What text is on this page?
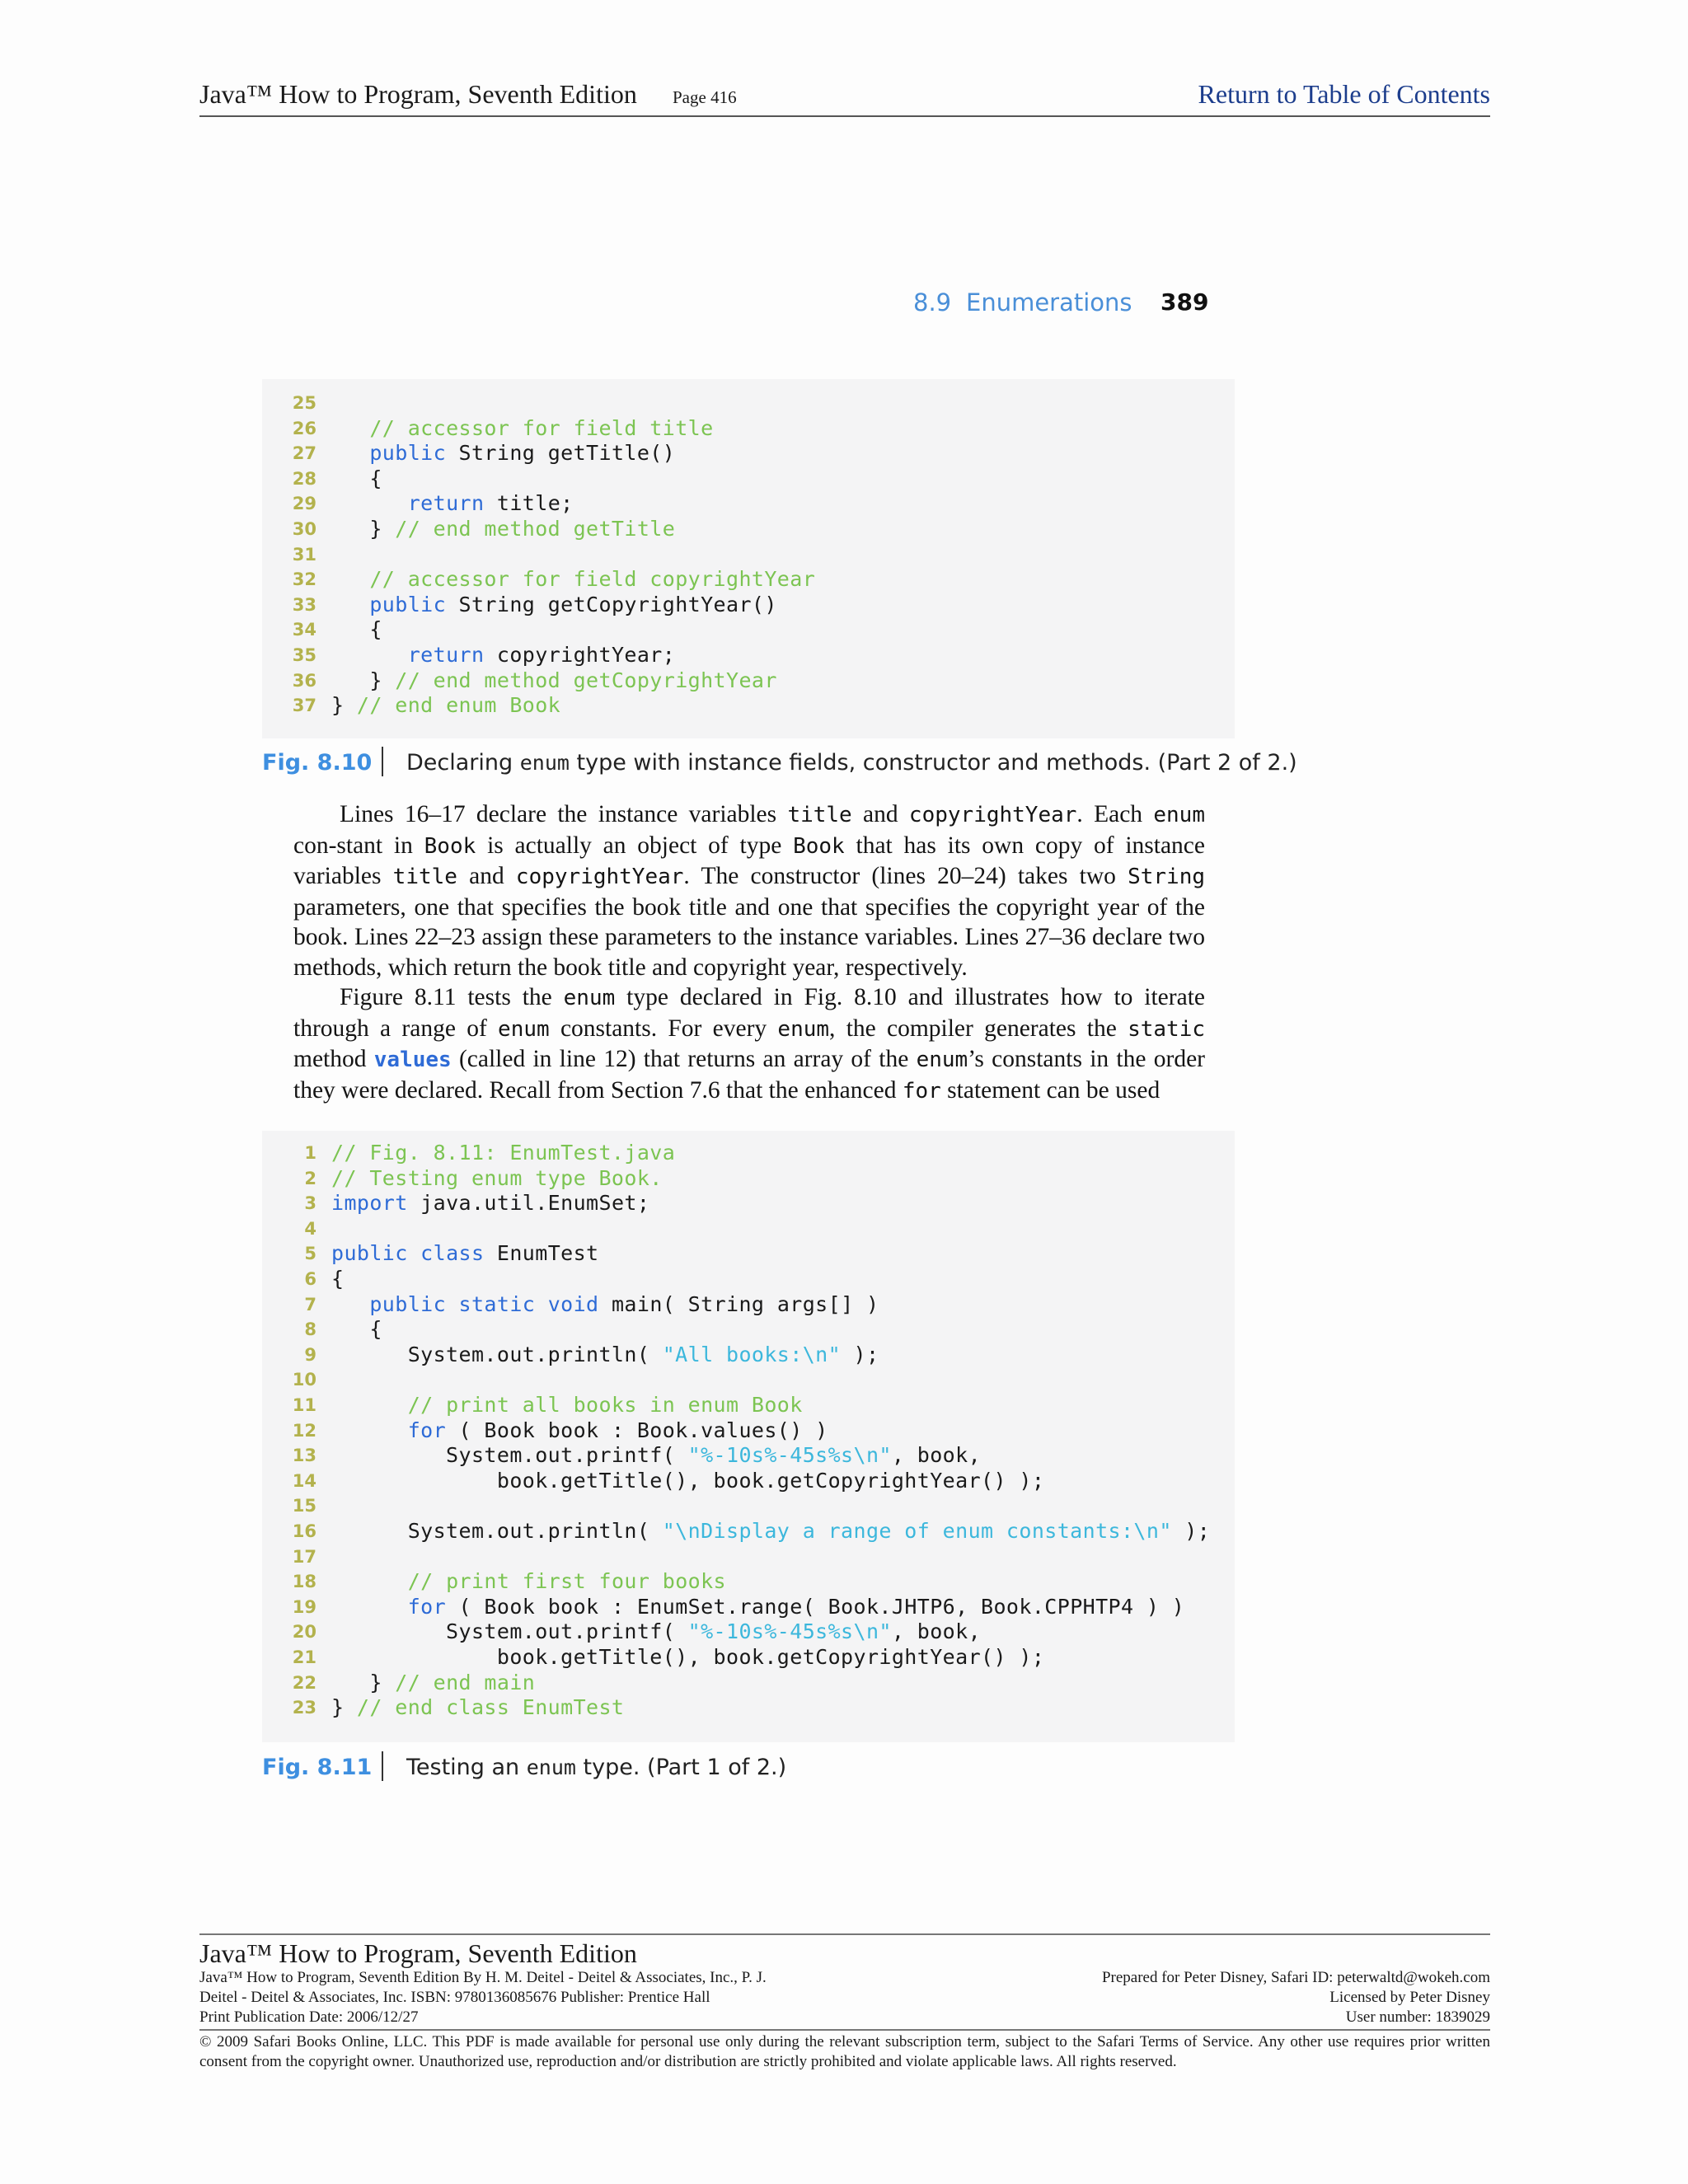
Java™ How to Program, Seventh Edition Page 416	Return to Table of Contents
8.9 Enumerations 389
25
26	// accessor for field title
27	public String getTitle()
28 {
29	return title;
30 } // end method getTitle
31
32	// accessor for field copyrightYear
33	public String getCopyrightYear()
34 {
35	return copyrightYear;
36 } // end method getCopyrightYear
37 } // end enum Book
Fig. 8.10 Declaring enum type with instance fields, constructor and methods. (Part 2 of 2.)

Lines 16–17 declare the instance variables title and copyrightYear. Each enum con-stant in Book is actually an object of type Book that has its own copy of instance variables title and copyrightYear. The constructor (lines 20–24) takes two String parameters, one that specifies the book title and one that specifies the copyright year of the book. Lines 22–23 assign these parameters to the instance variables. Lines 27–36 declare two methods, which return the book title and copyright year, respectively.

Figure 8.11 tests the enum type declared in Fig. 8.10 and illustrates how to iterate through a range of enum constants. For every enum, the compiler generates the static method values (called in line 12) that returns an array of the enum’s constants in the order they were declared. Recall from Section 7.6 that the enhanced for statement can be used

1 // Fig. 8.11: EnumTest.java
2 // Testing enum type Book.
3 import java.util.EnumSet;
4
5 public class EnumTest
6 {
7	public static void main( String args[] )
8 {
9 System.out.println( "All books:\n" );
10
11	// print all books in enum Book
12	for ( Book book : Book.values() )
13 System.out.printf( "%-10s%-45s%s\n", book,
14 book.getTitle(), book.getCopyrightYear() );
15
16 System.out.println( "\nDisplay a range of enum constants:\n" );
17
18	// print first four books
19	for ( Book book : EnumSet.range( Book.JHTP6, Book.CPPHTP4 ) )
20 System.out.printf( "%-10s%-45s%s\n", book,
21 book.getTitle(), book.getCopyrightYear() );
22 } // end main
23 } // end class EnumTest
Fig. 8.11 Testing an enum type. (Part 1 of 2.)
Java™ How to Program, Seventh Edition
Java™ How to Program, Seventh Edition By H. M. Deitel - Deitel & Associates, Inc., P. J.
Deitel - Deitel & Associates, Inc. ISBN: 9780136085676 Publisher: Prentice Hall
Print Publication Date: 2006/12/27
Prepared for Peter Disney, Safari ID: peterwaltd@wokeh.com
Licensed by Peter Disney
User number: 1839029
© 2009 Safari Books Online, LLC. This PDF is made available for personal use only during the relevant subscription term, subject to the Safari Terms of Service. Any other use requires prior written consent from the copyright owner. Unauthorized use, reproduction and/or distribution are strictly prohibited and violate applicable laws. All rights reserved.
